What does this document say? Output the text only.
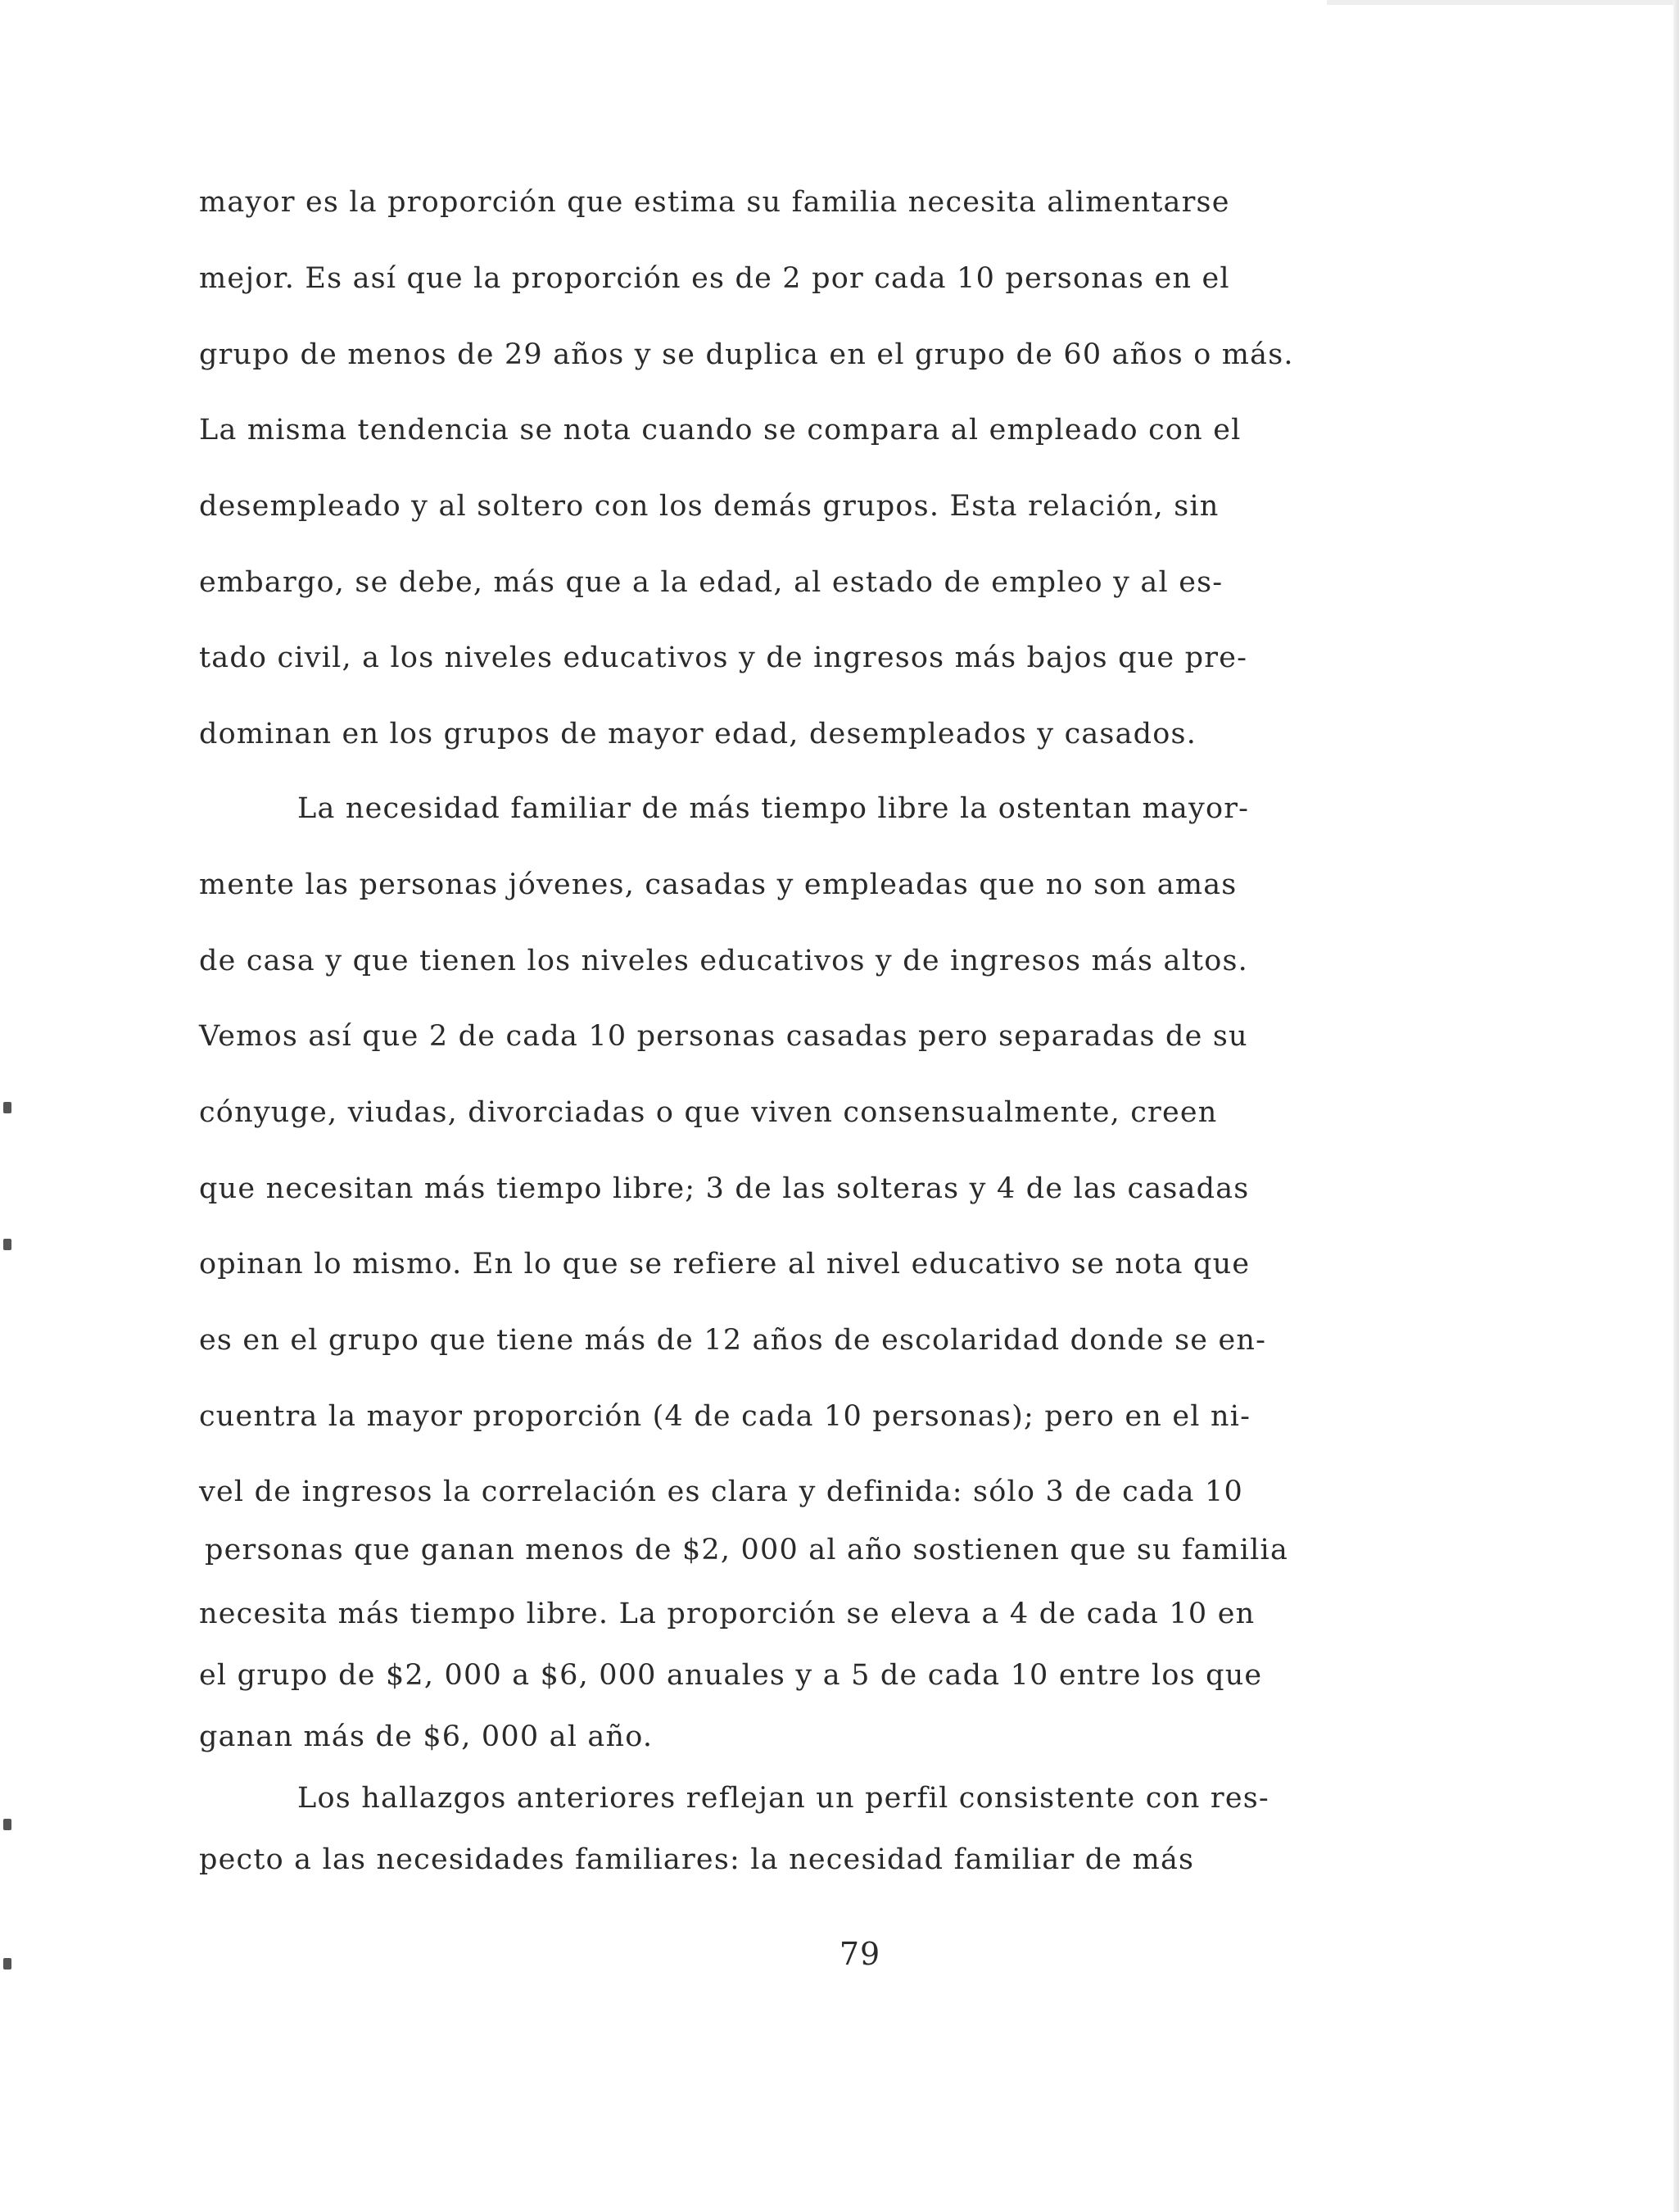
mayor es la proporción que estima su familia necesita alimentarse

mejor. Es así que la proporción es de 2 por cada 10 personas en el

grupo de menos de 29 años y se duplica en el grupo de 60 años o más.

La misma tendencia se nota cuando se compara al empleado con el

desempleado y al soltero con los demás grupos. Esta relación, sin

embargo, se debe, más que a la edad, al estado de empleo y al es-

tado civil, a los niveles educativos y de ingresos más bajos que pre-

dominan en los grupos de mayor edad, desempleados y casados.

La necesidad familiar de más tiempo libre la ostentan mayor-

mente las personas jóvenes, casadas y empleadas que no son amas

de casa y que tienen los niveles educativos y de ingresos más altos.

Vemos así que 2 de cada 10 personas casadas pero separadas de su

cónyuge, viudas, divorciadas o que viven consensualmente, creen

que necesitan más tiempo libre; 3 de las solteras y 4 de las casadas

opinan lo mismo. En lo que se refiere al nivel educativo se nota que

es en el grupo que tiene más de 12 años de escolaridad donde se en-

cuentra la mayor proporción (4 de cada 10 personas); pero en el ni-

vel de ingresos la correlación es clara y definida: sólo 3 de cada 10

personas que ganan menos de $2, 000 al año sostienen que su familia

necesita más tiempo libre. La proporción se eleva a 4 de cada 10 en

el grupo de $2, 000 a $6, 000 anuales y a 5 de cada 10 entre los que

ganan más de $6, 000 al año.

Los hallazgos anteriores reflejan un perfil consistente con res-

pecto a las necesidades familiares: la necesidad familiar de más

79
